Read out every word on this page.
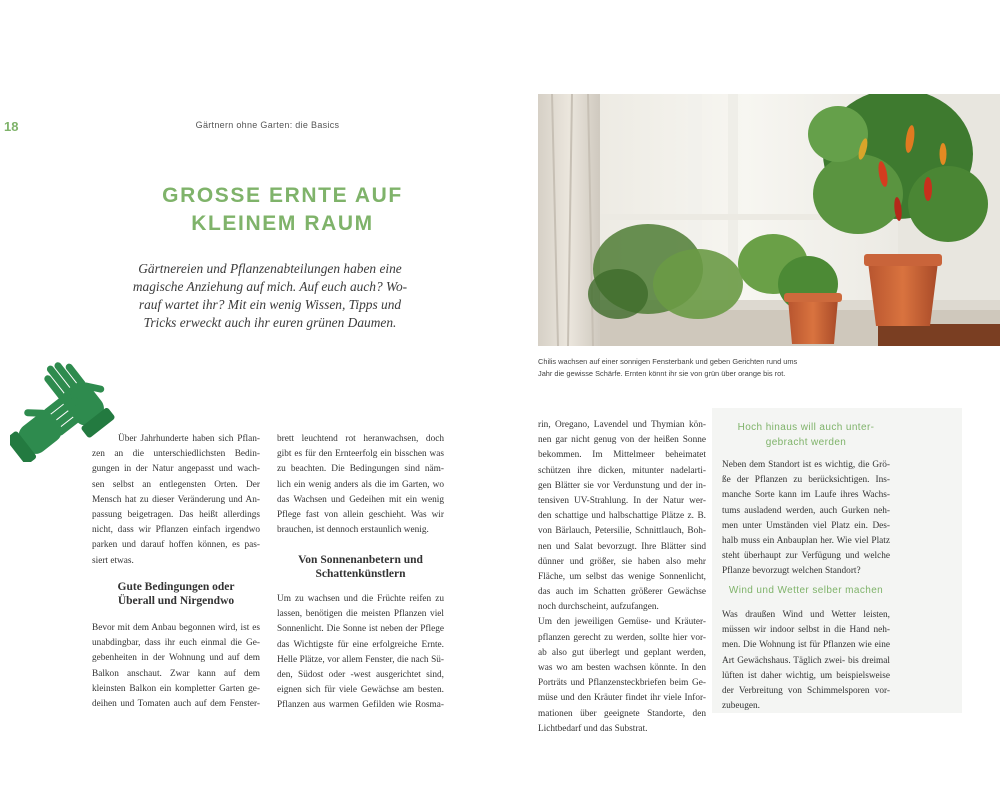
18	Gärtnern ohne Garten: die Basics
GROSSE ERNTE AUF
KLEINEM RAUM
Gärtnereien und Pflanzenabteilungen haben eine
magische Anziehung auf mich. Auf euch auch? Wo-
rauf wartet ihr? Mit ein wenig Wissen, Tipps und
Tricks erweckt auch ihr euren grünen Daumen.
Über Jahrhunderte haben sich Pflan-
zen an die unterschiedlichsten Bedin-
gungen in der Natur angepasst und wach-
sen selbst an entlegensten Orten. Der
Mensch hat zu dieser Veränderung und An-
passung beigetragen. Das heißt allerdings
nicht, dass wir Pflanzen einfach irgendwo
parken und darauf hoffen können, es pas-
siert etwas.
Gute Bedingungen oder
Überall und Nirgendwo
Bevor mit dem Anbau begonnen wird, ist es
unabdingbar, dass ihr euch einmal die Ge-
gebenheiten in der Wohnung und auf dem
Balkon anschaut. Zwar kann auf dem
kleinsten Balkon ein kompletter Garten ge-
deihen und Tomaten auch auf dem Fenster-
brett leuchtend rot heranwachsen, doch
gibt es für den Ernteerfolg ein bisschen was
zu beachten. Die Bedingungen sind näm-
lich ein wenig anders als die im Garten, wo
das Wachsen und Gedeihen mit ein wenig
Pflege fast von allein geschieht. Was wir
brauchen, ist dennoch erstaunlich wenig.
Von Sonnenanbetern und
Schattenkünstlern
Um zu wachsen und die Früchte reifen zu
lassen, benötigen die meisten Pflanzen viel
Sonnenlicht. Die Sonne ist neben der Pflege
das Wichtigste für eine erfolgreiche Ernte.
Helle Plätze, vor allem Fenster, die nach Sü-
den, Südost oder -west ausgerichtet sind,
eignen sich für viele Gewächse am besten.
Pflanzen aus warmen Gefilden wie Rosma-
Chilis wachsen auf einer sonnigen Fensterbank und geben Gerichten rund ums
Jahr die gewisse Schärfe. Ernten könnt ihr sie von grün über orange bis rot.
rin, Oregano, Lavendel und Thymian kön-
nen gar nicht genug von der heißen Sonne
bekommen. Im Mittelmeer beheimatet
schützen ihre dicken, mitunter nadelarti-
gen Blätter sie vor Verdunstung und der in-
tensiven UV-Strahlung. In der Natur wer-
den schattige und halbschattige Plätze z. B.
von Bärlauch, Petersilie, Schnittlauch, Boh-
nen und Salat bevorzugt. Ihre Blätter sind
dünner und größer, sie haben also mehr
Fläche, um selbst das wenige Sonnenlicht,
das auch im Schatten größerer Gewächse
noch durchscheint, aufzufangen.
Um den jeweiligen Gemüse- und Kräuter-
pflanzen gerecht zu werden, sollte hier vor-
ab also gut überlegt und geplant werden,
was wo am besten wachsen könnte. In den
Porträts und Pflanzensteckbriefen beim Ge-
müse und den Kräuter findet ihr viele Infor-
mationen über geeignete Standorte, den
Lichtbedarf und das Substrat.
Hoch hinaus will auch unter-
gebracht werden
Neben dem Standort ist es wichtig, die Grö-
ße der Pflanzen zu berücksichtigen. Ins-
manche Sorte kann im Laufe ihres Wachs-
tums ausladend werden, auch Gurken neh-
men unter Umständen viel Platz ein. Des-
halb muss ein Anbauplan her. Wie viel Platz
steht überhaupt zur Verfügung und welche
Pflanze bevorzugt welchen Standort?
Wind und Wetter selber machen
Was draußen Wind und Wetter leisten,
müssen wir indoor selbst in die Hand neh-
men. Die Wohnung ist für Pflanzen wie eine
Art Gewächshaus. Täglich zwei- bis dreimal
lüften ist daher wichtig, um beispielsweise
der Verbreitung von Schimmelsporen vor-
zubeugen.
